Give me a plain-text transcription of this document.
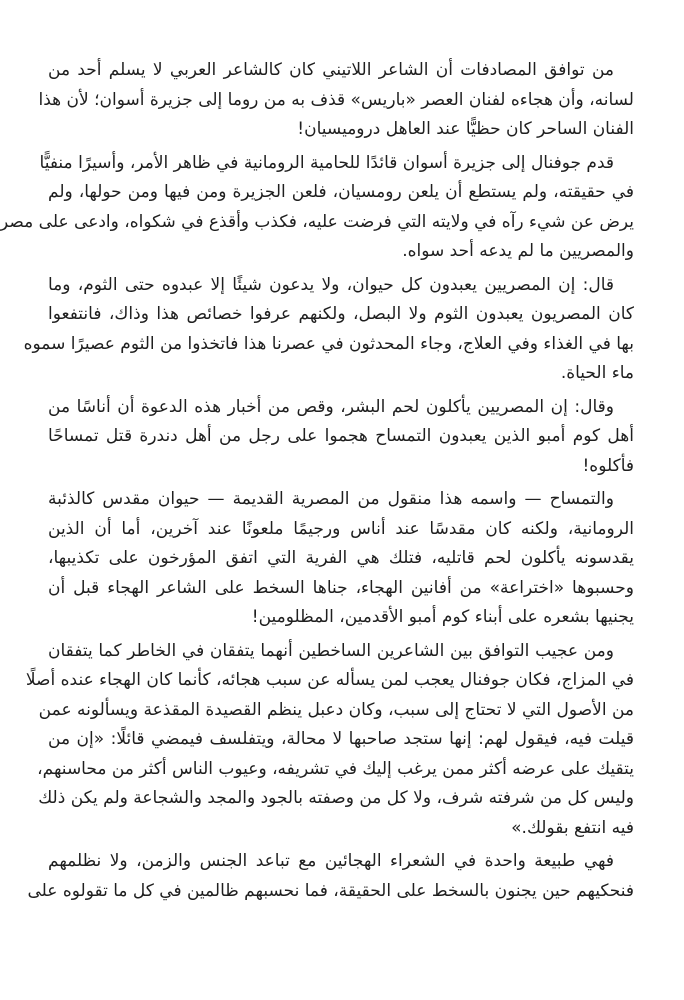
من توافق المصادفات أن الشاعر اللاتيني كان كالشاعر العربي لا يسلم أحد من
لسانه، وأن هجاءه لفنان العصر «باريس» قذف به من روما إلى جزيرة أسوان؛ لأن هذا
الفنان الساحر كان حظيًّا عند العاهل دروميسيان!
قدم جوفنال إلى جزيرة أسوان قائدًا للحامية الرومانية في ظاهر الأمر، وأسيرًا منفيًّا
في حقيقته، ولم يستطع أن يلعن رومسيان، فلعن الجزيرة ومن فيها ومن حولها، ولم
يرض عن شيء رآه في ولايته التي فرضت عليه، فكذب وأقذع في شكواه، وادعى على مصر
والمصريين ما لم يدعه أحد سواه.
قال: إن المصريين يعبدون كل حيوان، ولا يدعون شيئًا إلا عبدوه حتى الثوم، وما
كان المصريون يعبدون الثوم ولا البصل، ولكنهم عرفوا خصائص هذا وذاك، فانتفعوا
بها في الغذاء وفي العلاج، وجاء المحدثون في عصرنا هذا فاتخذوا من الثوم عصيرًا سموه
ماء الحياة.
وقال: إن المصريين يأكلون لحم البشر، وقص من أخبار هذه الدعوة أن أناسًا من
أهل كوم أمبو الذين يعبدون التمساح هجموا على رجل من أهل دندرة قتل تمساحًا
فأكلوه!
والتمساح — واسمه هذا منقول من المصرية القديمة — حيوان مقدس كالذئبة
الرومانية، ولكنه كان مقدسًا عند أناس ورجيمًا ملعونًا عند آخرين، أما أن الذين
يقدسونه يأكلون لحم قاتليه، فتلك هي الفرية التي اتفق المؤرخون على تكذيبها،
وحسبوها «اختراعة» من أفانين الهجاء، جناها السخط على الشاعر الهجاء قبل أن
يجنيها بشعره على أبناء كوم أمبو الأقدمين، المظلومين!
ومن عجيب التوافق بين الشاعرين الساخطين أنهما يتفقان في الخاطر كما يتفقان
في المزاج، فكان جوفنال يعجب لمن يسأله عن سبب هجائه، كأنما كان الهجاء عنده أصلًا
من الأصول التي لا تحتاج إلى سبب، وكان دعبل ينظم القصيدة المقذعة ويسألونه عمن
قيلت فيه، فيقول لهم: إنها ستجد صاحبها لا محالة، ويتفلسف فيمضي قائلًا: «إن من
يتقيك على عرضه أكثر ممن يرغب إليك في تشريفه، وعيوب الناس أكثر من محاسنهم،
وليس كل من شرفته شرف، ولا كل من وصفته بالجود والمجد والشجاعة ولم يكن ذلك
فيه انتفع بقولك.»
فهي طبيعة واحدة في الشعراء الهجائين مع تباعد الجنس والزمن، ولا نظلمهم
فنحكيهم حين يجنون بالسخط على الحقيقة، فما نحسبهم ظالمين في كل ما تقولوه على
